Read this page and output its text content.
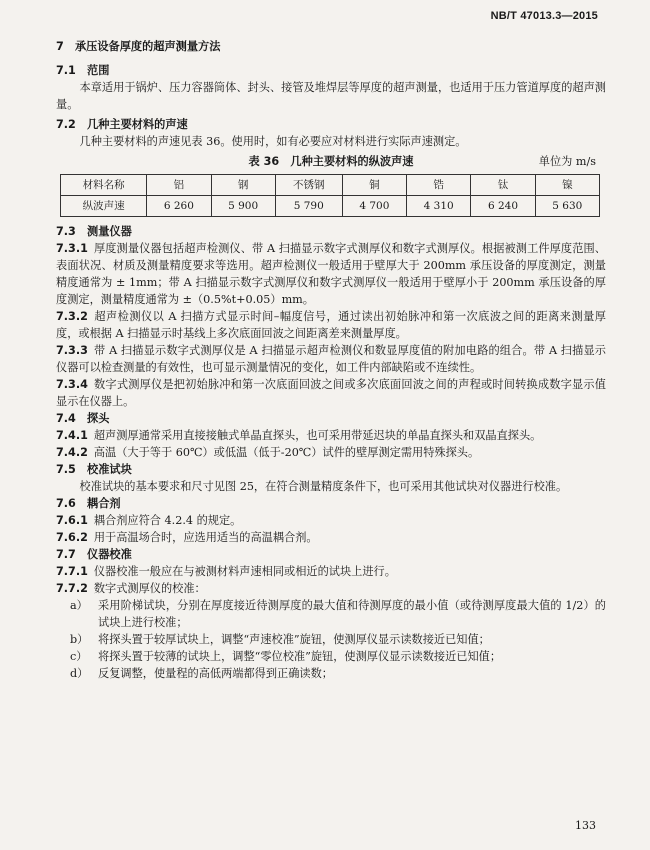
NB/T 47013.3—2015

7　承压设备厚度的超声测量方法

7.1　范围

本章适用于锅炉、压力容器筒体、封头、接管及堆焊层等厚度的超声测量，也适用于压力管道厚度的超声测量。

7.2　几种主要材料的声速

几种主要材料的声速见表 36。使用时，如有必要应对材料进行实际声速测定。

表 36　几种主要材料的纵波声速	单位为 m/s
材料名称	铝	钢	不锈钢	铜	锆	钛	镍
纵波声速	6 260	5 900	5 790	4 700	4 310	6 240	5 630

7.3　测量仪器

7.3.1 厚度测量仪器包括超声检测仪、带 A 扫描显示数字式测厚仪和数字式测厚仪。根据被测工件厚度范围、表面状况、材质及测量精度要求等选用。超声检测仪一般适用于壁厚大于 200mm 承压设备的厚度测定，测量精度通常为 ± 1mm；带 A 扫描显示数字式测厚仪和数字式测厚仪一般适用于壁厚小于 200mm 承压设备的厚度测定，测量精度通常为 ±（0.5%t+0.05）mm。

7.3.2 超声检测仪以 A 扫描方式显示时间–幅度信号，通过读出初始脉冲和第一次底波之间的距离来测量厚度，或根据 A 扫描显示时基线上多次底面回波之间距离差来测量厚度。

7.3.3 带 A 扫描显示数字式测厚仪是 A 扫描显示超声检测仪和数显厚度值的附加电路的组合。带 A 扫描显示仪器可以检查测量的有效性，也可显示测量情况的变化，如工件内部缺陷或不连续性。

7.3.4 数字式测厚仪是把初始脉冲和第一次底面回波之间或多次底面回波之间的声程或时间转换成数字显示值显示在仪器上。

7.4　探头

7.4.1 超声测厚通常采用直接接触式单晶直探头，也可采用带延迟块的单晶直探头和双晶直探头。

7.4.2 高温（大于等于 60℃）或低温（低于-20℃）试件的壁厚测定需用特殊探头。

7.5　校准试块

校准试块的基本要求和尺寸见图 25，在符合测量精度条件下，也可采用其他试块对仪器进行校准。

7.6　耦合剂

7.6.1 耦合剂应符合 4.2.4 的规定。

7.6.2 用于高温场合时，应选用适当的高温耦合剂。

7.7　仪器校准

7.7.1 仪器校准一般应在与被测材料声速相同或相近的试块上进行。

7.7.2 数字式测厚仪的校准：

a） 采用阶梯试块，分别在厚度接近待测厚度的最大值和待测厚度的最小值（或待测厚度最大值的 1/2）的试块上进行校准；
b） 将探头置于较厚试块上，调整“声速校准”旋钮，使测厚仪显示读数接近已知值；
c） 将探头置于较薄的试块上，调整“零位校准”旋钮，使测厚仪显示读数接近已知值；
d） 反复调整，使量程的高低两端都得到正确读数；
133
